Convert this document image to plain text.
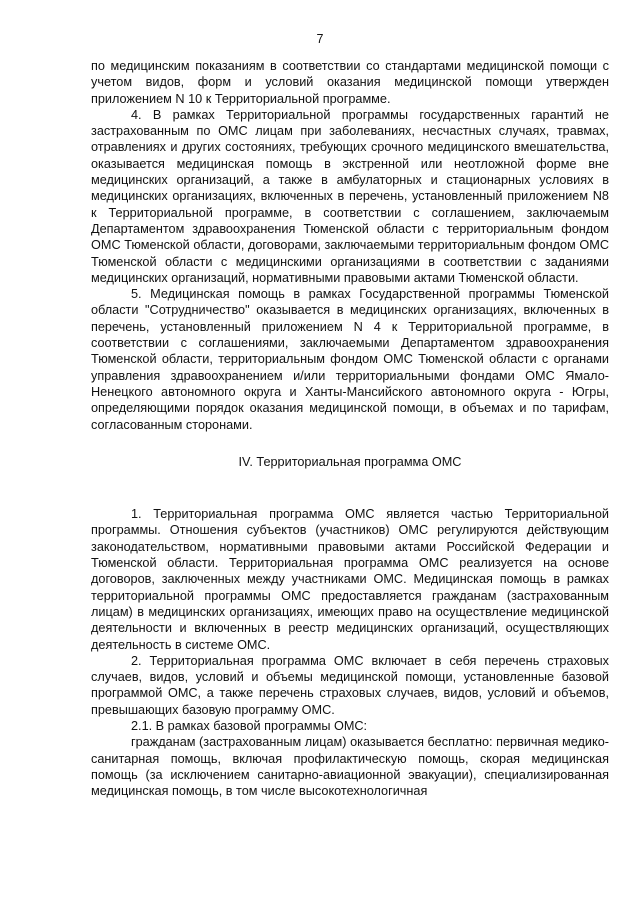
7

по медицинским показаниям в соответствии со стандартами медицинской помощи с учетом видов, форм и условий оказания медицинской помощи утвержден приложением N 10 к Территориальной программе.

4. В рамках Территориальной программы государственных гарантий не застрахованным по ОМС лицам при заболеваниях, несчастных случаях, травмах, отравлениях и других состояниях, требующих срочного медицинского вмешательства, оказывается медицинская помощь в экстренной или неотложной форме вне медицинских организаций, а также в амбулаторных и стационарных условиях в медицинских организациях, включенных в перечень, установленный приложением N8 к Территориальной программе, в соответствии с соглашением, заключаемым Департаментом здравоохранения Тюменской области с территориальным фондом ОМС Тюменской области, договорами, заключаемыми территориальным фондом ОМС Тюменской области с медицинскими организациями в соответствии с заданиями медицинских организаций, нормативными правовыми актами Тюменской области.

5. Медицинская помощь в рамках Государственной программы Тюменской области "Сотрудничество" оказывается в медицинских организациях, включенных в перечень, установленный приложением N 4 к Территориальной программе, в соответствии с соглашениями, заключаемыми Департаментом здравоохранения Тюменской области, территориальным фондом ОМС Тюменской области с органами управления здравоохранением и/или территориальными фондами ОМС Ямало-Ненецкого автономного округа и Ханты-Мансийского автономного округа - Югры, определяющими порядок оказания медицинской помощи, в объемах и по тарифам, согласованным сторонами.

IV. Территориальная программа ОМС

1. Территориальная программа ОМС является частью Территориальной программы. Отношения субъектов (участников) ОМС регулируются действующим законодательством, нормативными правовыми актами Российской Федерации и Тюменской области. Территориальная программа ОМС реализуется на основе договоров, заключенных между участниками ОМС. Медицинская помощь в рамках территориальной программы ОМС предоставляется гражданам (застрахованным лицам) в медицинских организациях, имеющих право на осуществление медицинской деятельности и включенных в реестр медицинских организаций, осуществляющих деятельность в системе ОМС.

2. Территориальная программа ОМС включает в себя перечень страховых случаев, видов, условий и объемы медицинской помощи, установленные базовой программой ОМС, а также перечень страховых случаев, видов, условий и объемов, превышающих базовую программу ОМС.

2.1. В рамках базовой программы ОМС:

гражданам (застрахованным лицам) оказывается бесплатно: первичная медико-санитарная помощь, включая профилактическую помощь, скорая медицинская помощь (за исключением санитарно-авиационной эвакуации), специализированная медицинская помощь, в том числе высокотехнологичная
